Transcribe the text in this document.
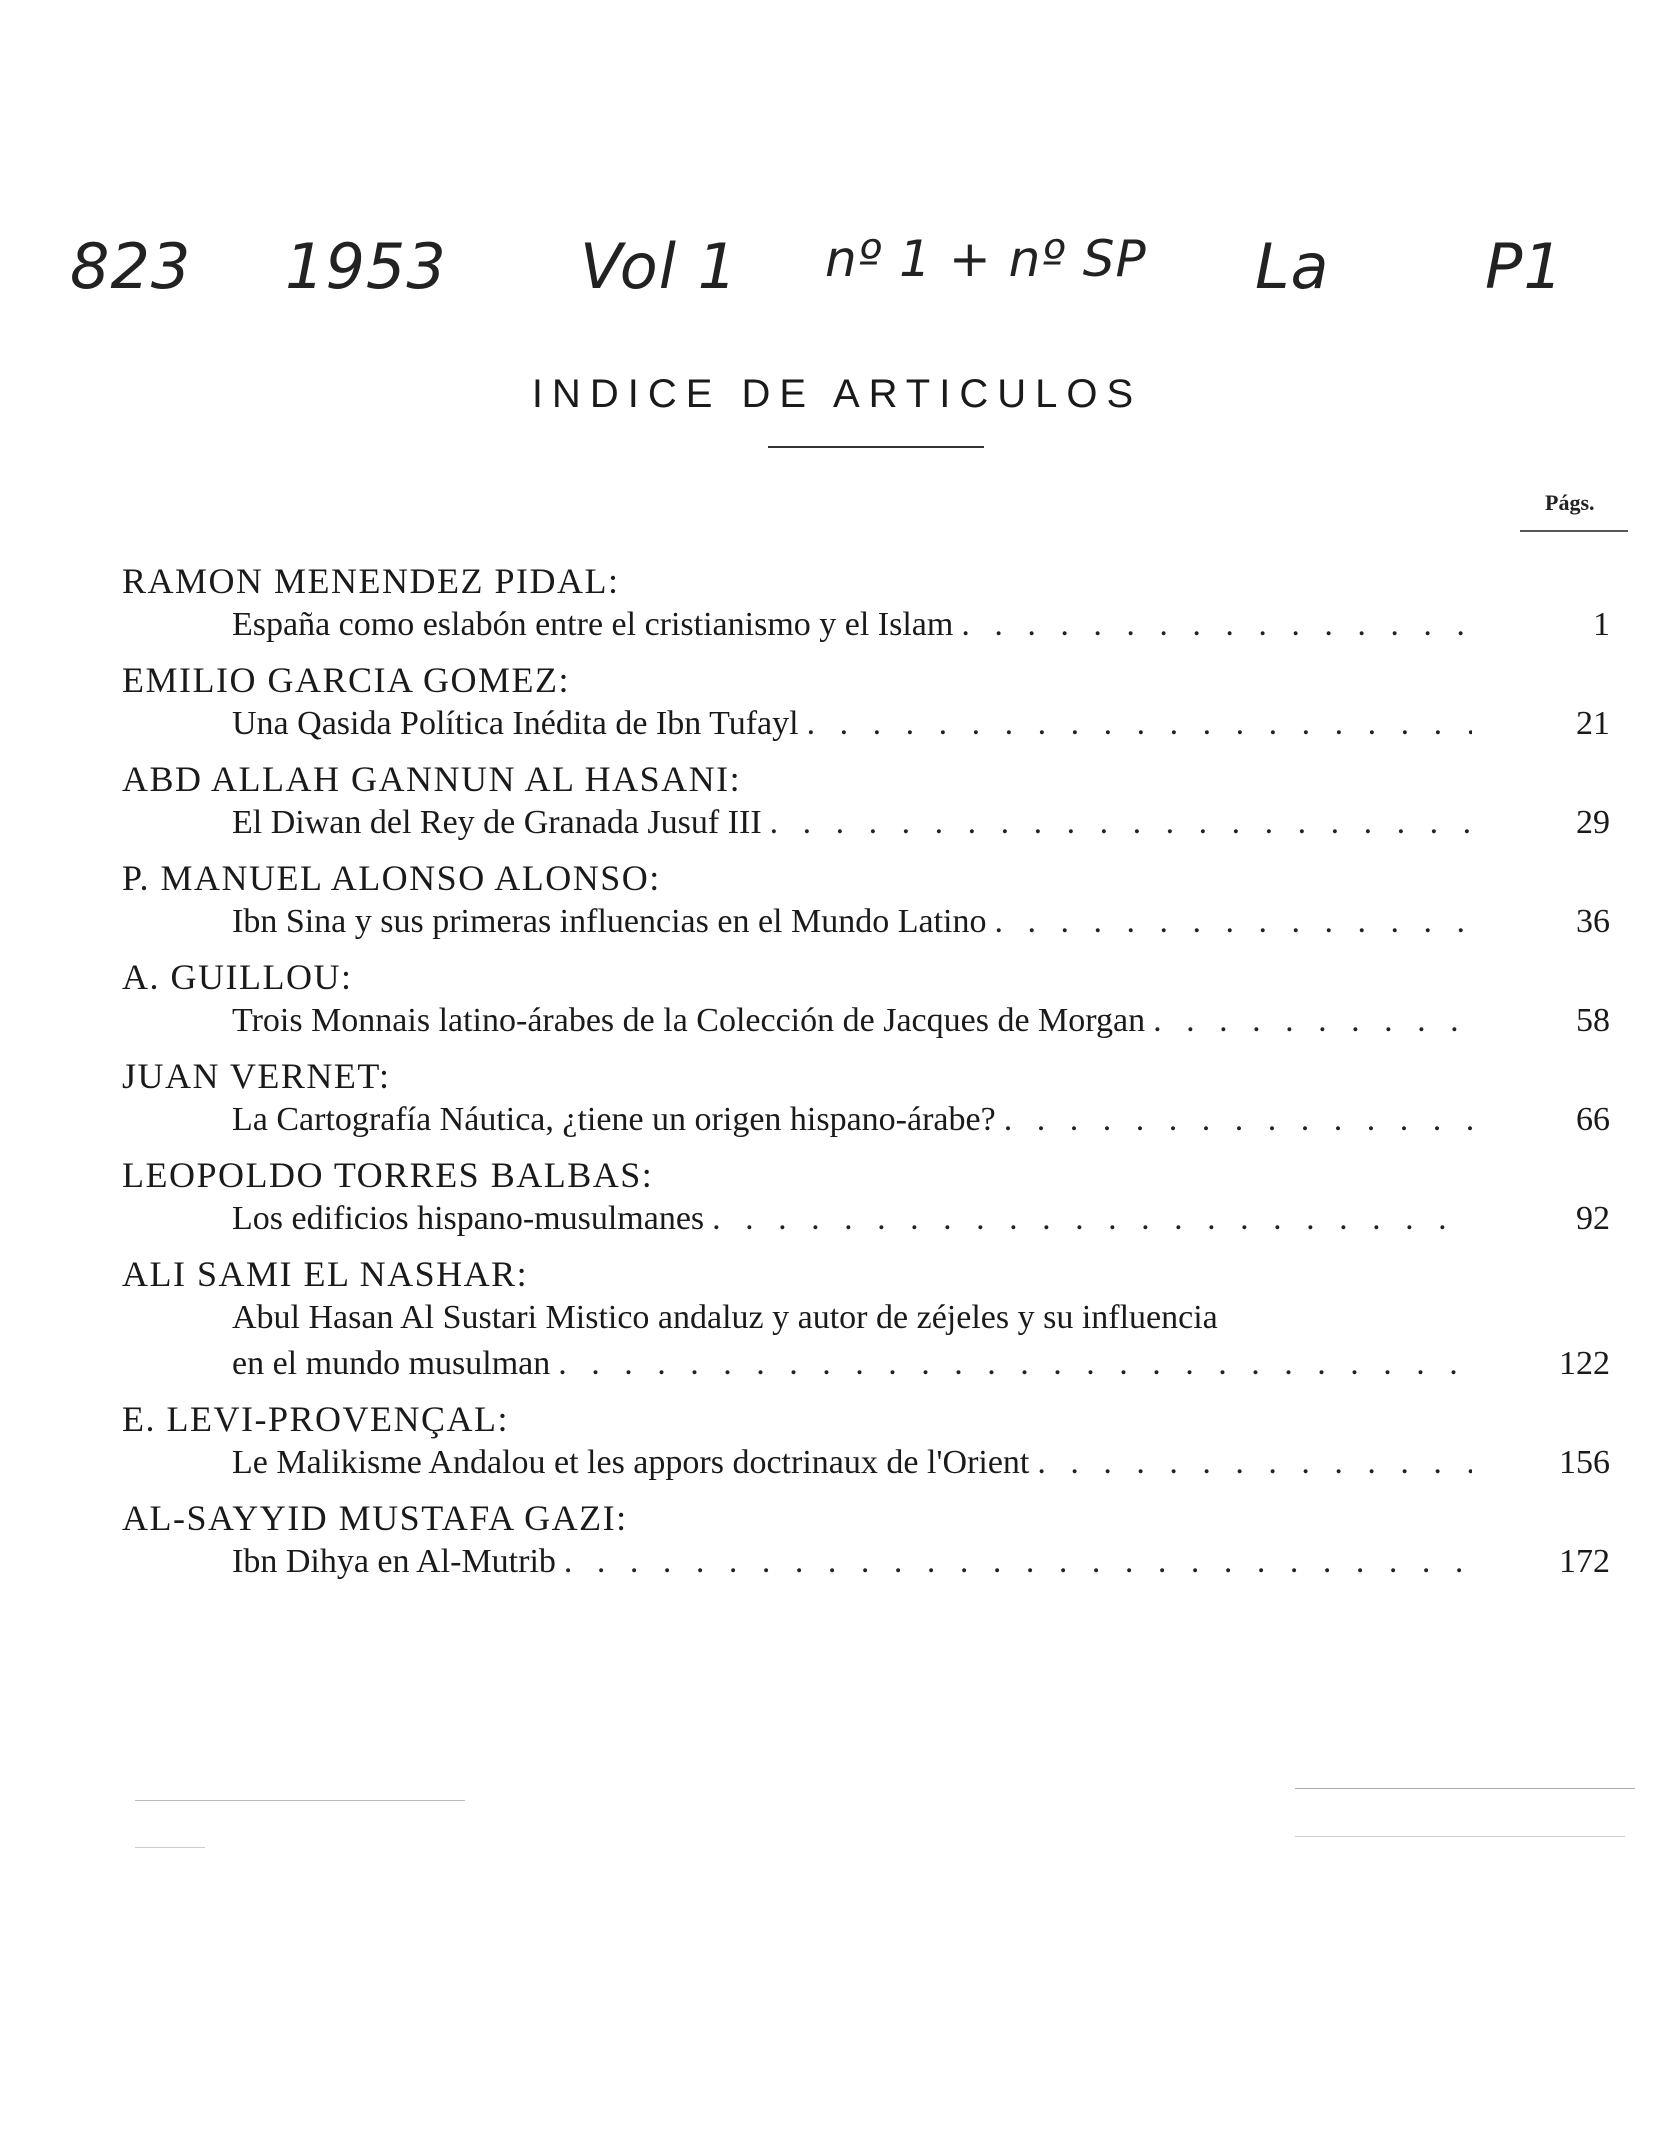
823 1953 Vol 1 nº 1 + nº SP La	P1
INDICE DE ARTICULOS
Págs.
RAMON MENENDEZ PIDAL:
España como eslabón entre el cristianismo y el Islam . . .	1
EMILIO GARCIA GOMEZ:
Una Qasida Política Inédita de Ibn Tufayl . . .	21
ABD ALLAH GANNUN AL HASANI:
El Diwan del Rey de Granada Jusuf III . . .	29
P. MANUEL ALONSO ALONSO:
Ibn Sina y sus primeras influencias en el Mundo Latino . . .	36
A. GUILLOU:
Trois Monnais latino-árabes de la Colección de Jacques de Morgan . . .	58
JUAN VERNET:
La Cartografía Náutica, ¿tiene un origen hispano-árabe? . . .	66
LEOPOLDO TORRES BALBAS:
Los edificios hispano-musulmanes . . .	92
ALI SAMI EL NASHAR:
Abul Hasan Al Sustari Mistico andaluz y autor de zéjeles y su influencia
en el mundo musulman . . .	122
E. LEVI-PROVENÇAL:
Le Malikisme Andalou et les appors doctrinaux de l'Orient . . .	156
AL-SAYYID MUSTAFA GAZI:
Ibn Dihya en Al-Mutrib . . .	172
